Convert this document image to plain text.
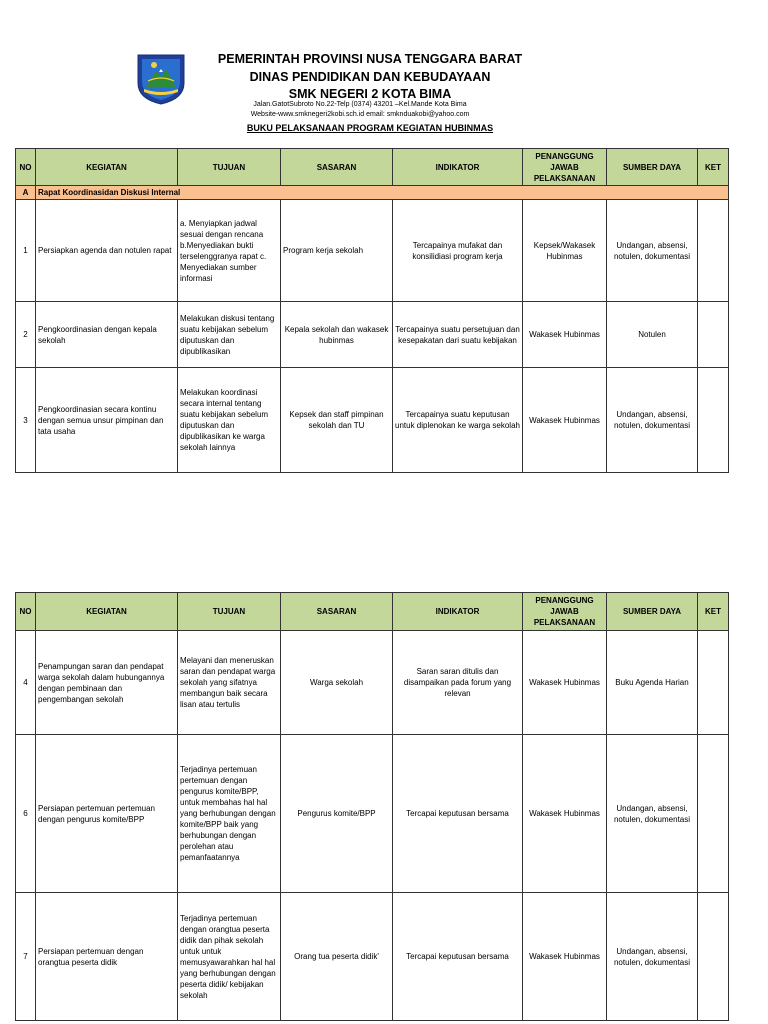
PEMERINTAH PROVINSI NUSA TENGGARA BARAT
DINAS PENDIDIKAN DAN KEBUDAYAAN
SMK NEGERI 2 KOTA BIMA
Jalan.GatotSubroto No.22-Telp (0374) 43201 –Kel.Mande Kota Bima
Website-www.smknegeri2kobi.sch.id email: smknduakobi@yahoo.com
BUKU PELAKSANAAN PROGRAM KEGIATAN HUBINMAS
NO	KEGIATAN	TUJUAN	SASARAN	INDIKATOR	PENANGGUNG JAWAB PELAKSANAAN	SUMBER DAYA	KET
A	Rapat Koordinasidan Diskusi Internal						
1	Persiapkan agenda dan notulen rapat	a. Menyiapkan jadwal sesuai dengan rencana b.Menyediakan bukti terselenggranya rapat c. Menyediakan sumber informasi	Program kerja sekolah	Tercapainya mufakat dan konsilidiasi program kerja	Kepsek/Wakasek Hubinmas	Undangan, absensi, notulen, dokumentasi	
2	Pengkoordinasian dengan kepala sekolah	Melakukan diskusi tentang suatu kebijakan sebelum diputuskan dan dipublikasikan	Kepala sekolah dan wakasek hubinmas	Tercapainya suatu persetujuan dan kesepakatan dari suatu kebijakan	Wakasek Hubinmas	Notulen	
3	Pengkoordinasian secara kontinu dengan semua unsur pimpinan dan tata usaha	Melakukan koordinasi secara internal tentang suatu kebijakan sebelum diputuskan dan dipublikasikan ke warga sekolah lainnya	Kepsek dan staff pimpinan sekolah dan TU	Tercapainya suatu keputusan untuk diplenokan ke warga sekolah	Wakasek Hubinmas	Undangan, absensi, notulen, dokumentasi	
NO	KEGIATAN	TUJUAN	SASARAN	INDIKATOR	PENANGGUNG JAWAB PELAKSANAAN	SUMBER DAYA	KET
4	Penampungan saran dan pendapat warga sekolah dalam hubungannya dengan pembinaan dan pengembangan sekolah	Melayani dan meneruskan saran dan pendapat warga sekolah yang sifatnya membangun baik secara lisan atau tertulis	Warga sekolah	Saran saran ditulis dan disampaikan pada forum yang relevan	Wakasek Hubinmas	Buku Agenda Harian	
6	Persiapan pertemuan pertemuan dengan pengurus komite/BPP	Terjadinya pertemuan pertemuan dengan pengurus komite/BPP, untuk membahas hal hal yang berhubungan dengan komite/BPP baik yang berhubungan dengan perolehan atau pemanfaatannya	Pengurus komite/BPP	Tercapai keputusan bersama	Wakasek Hubinmas	Undangan, absensi, notulen, dokumentasi	
7	Persiapan pertemuan dengan orangtua peserta didik	Terjadinya pertemuan dengan orangtua peserta didik dan pihak sekolah untuk untuk memusyawarahkan hal hal yang berhubungan dengan peserta didik/ kebijakan sekolah	Orang tua peserta didik'	Tercapai keputusan bersama	Wakasek Hubinmas	Undangan, absensi, notulen, dokumentasi	
